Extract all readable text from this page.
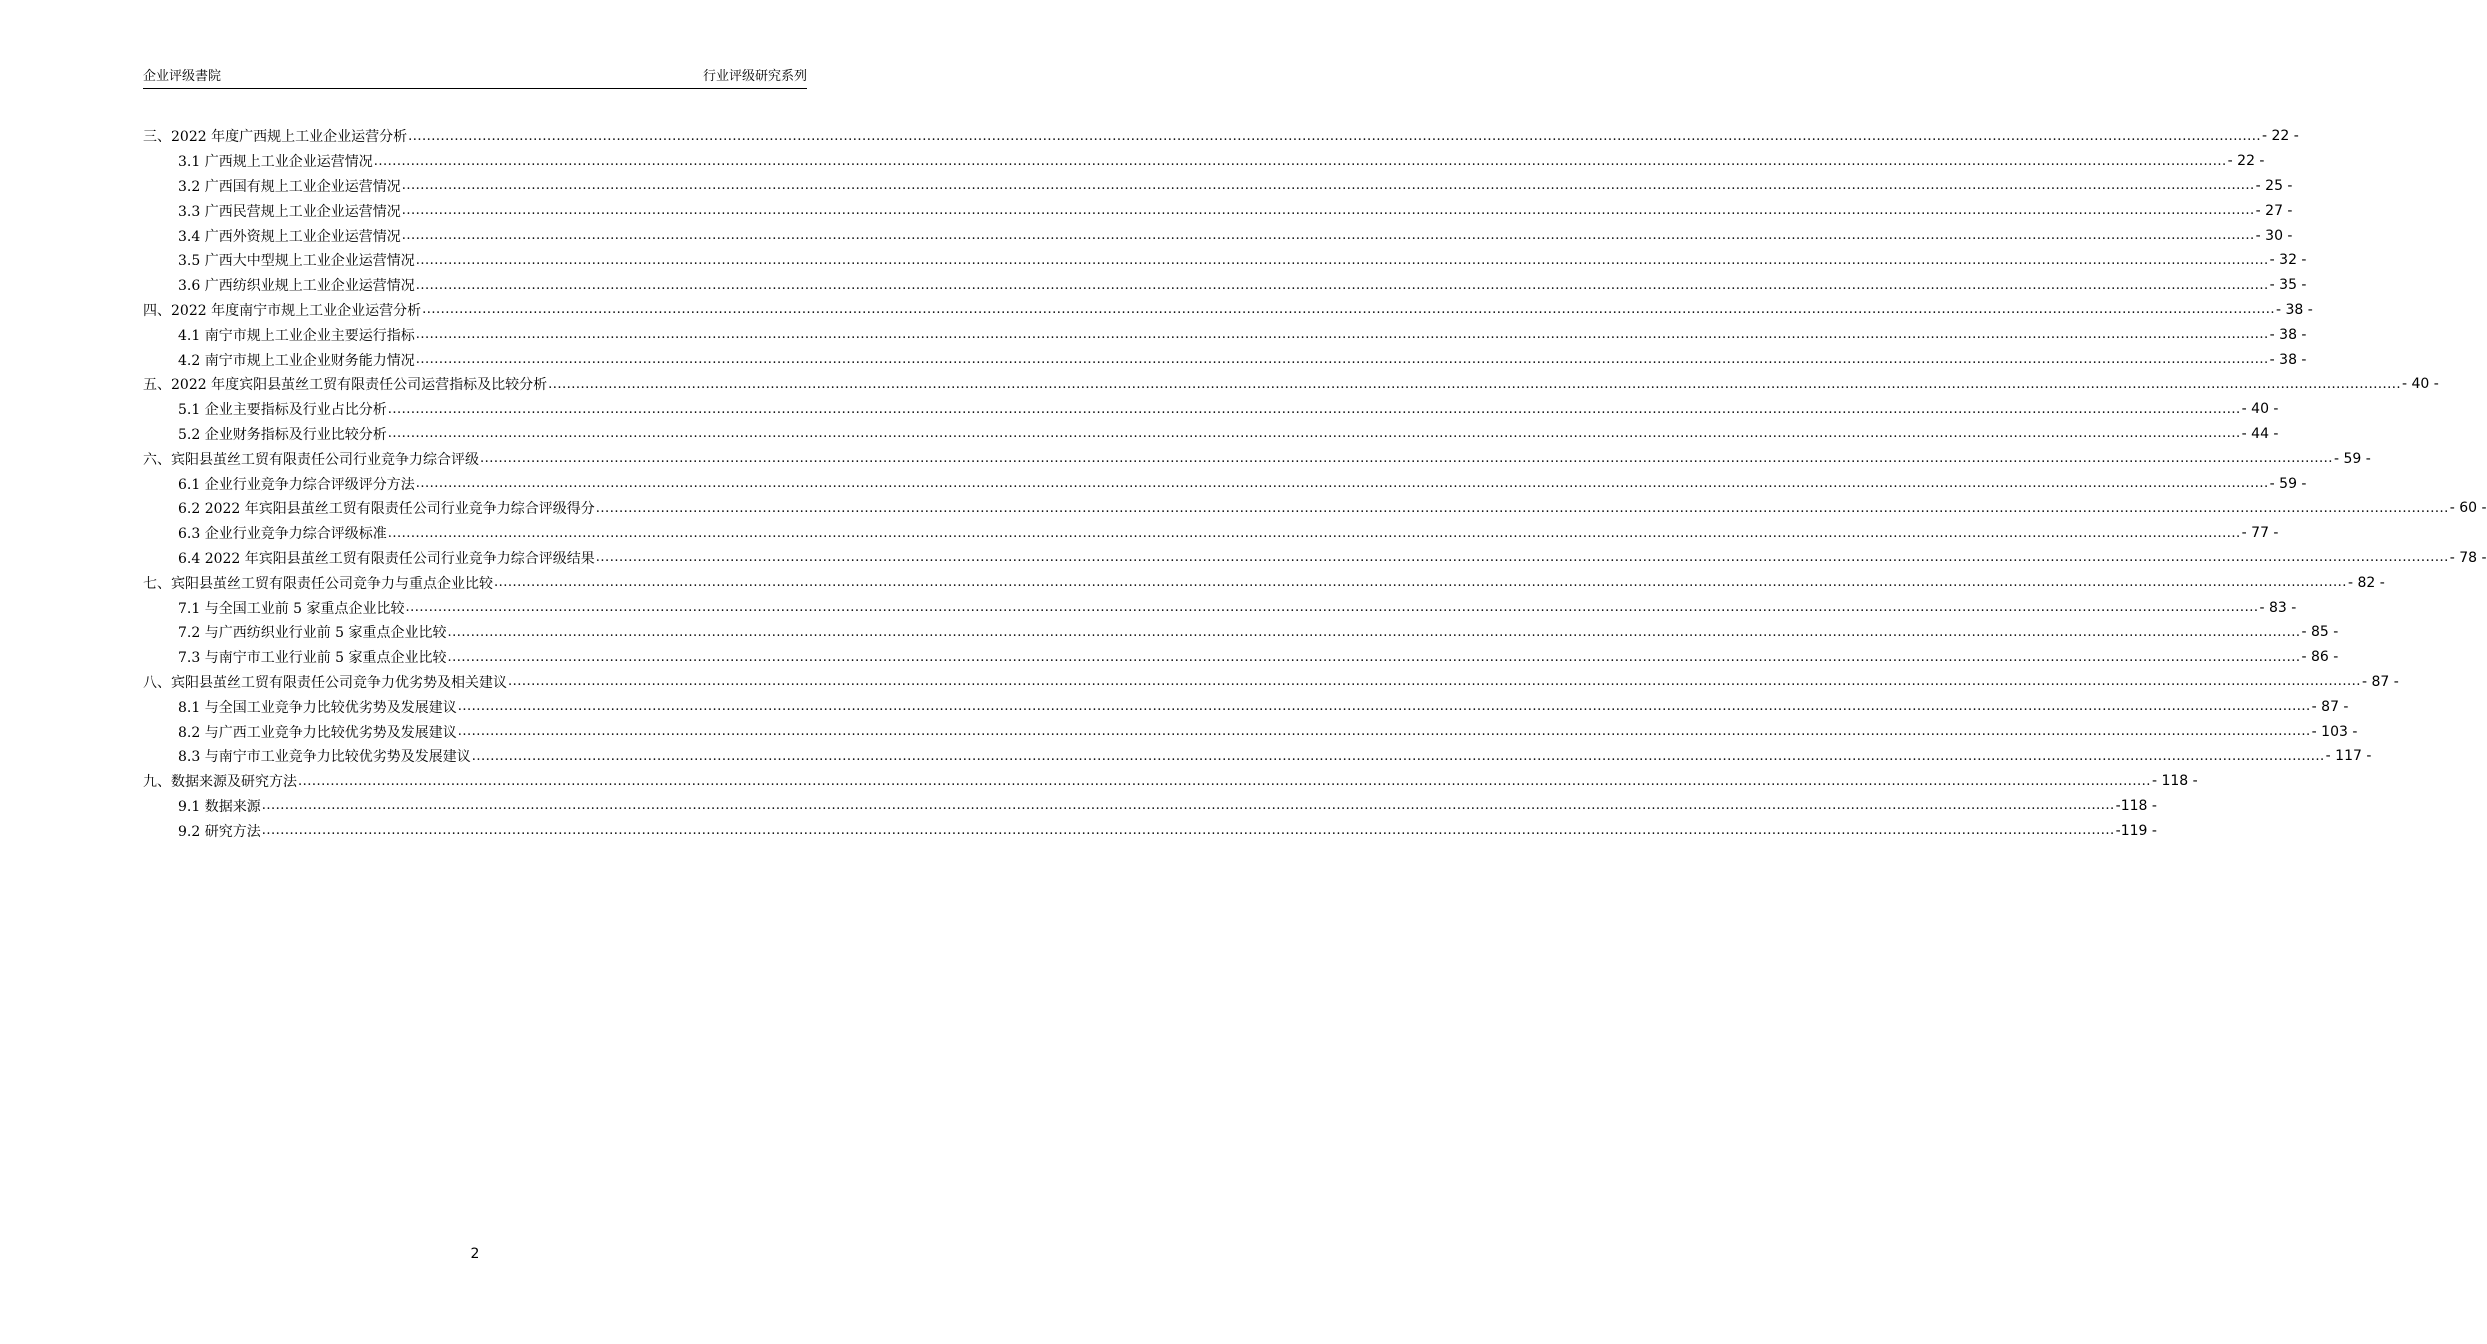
企业评级書院	行业评级研究系列
三、2022 年度广西规上工业企业运营分析 ................................................................................................................................................................................................................................................................................................................................................................................................................ - 22 -
3.1 广西规上工业企业运营情况 ................................................................................................................................................................................................................................................................................................................................................................................................................ - 22 -
3.2 广西国有规上工业企业运营情况 ................................................................................................................................................................................................................................................................................................................................................................................................................ - 25 -
3.3 广西民营规上工业企业运营情况 ................................................................................................................................................................................................................................................................................................................................................................................................................ - 27 -
3.4 广西外资规上工业企业运营情况 ................................................................................................................................................................................................................................................................................................................................................................................................................ - 30 -
3.5 广西大中型规上工业企业运营情况 ................................................................................................................................................................................................................................................................................................................................................................................................................ - 32 -
3.6 广西纺织业规上工业企业运营情况 ................................................................................................................................................................................................................................................................................................................................................................................................................ - 35 -
四、2022 年度南宁市规上工业企业运营分析 ................................................................................................................................................................................................................................................................................................................................................................................................................ - 38 -
4.1 南宁市规上工业企业主要运行指标 ................................................................................................................................................................................................................................................................................................................................................................................................................ - 38 -
4.2 南宁市规上工业企业财务能力情况 ................................................................................................................................................................................................................................................................................................................................................................................................................ - 38 -
五、2022 年度宾阳县茧丝工贸有限责任公司运营指标及比较分析 ................................................................................................................................................................................................................................................................................................................................................................................................................ - 40 -
5.1 企业主要指标及行业占比分析 ................................................................................................................................................................................................................................................................................................................................................................................................................ - 40 -
5.2 企业财务指标及行业比较分析 ................................................................................................................................................................................................................................................................................................................................................................................................................ - 44 -
六、宾阳县茧丝工贸有限责任公司行业竞争力综合评级 ................................................................................................................................................................................................................................................................................................................................................................................................................ - 59 -
6.1 企业行业竞争力综合评级评分方法 ................................................................................................................................................................................................................................................................................................................................................................................................................ - 59 -
6.2 2022 年宾阳县茧丝工贸有限责任公司行业竞争力综合评级得分 ................................................................................................................................................................................................................................................................................................................................................................................................................ - 60 -
6.3 企业行业竞争力综合评级标准 ................................................................................................................................................................................................................................................................................................................................................................................................................ - 77 -
6.4 2022 年宾阳县茧丝工贸有限责任公司行业竞争力综合评级结果 ................................................................................................................................................................................................................................................................................................................................................................................................................ - 78 -
七、宾阳县茧丝工贸有限责任公司竞争力与重点企业比较 ................................................................................................................................................................................................................................................................................................................................................................................................................ - 82 -
7.1 与全国工业前 5 家重点企业比较 ................................................................................................................................................................................................................................................................................................................................................................................................................ - 83 -
7.2 与广西纺织业行业前 5 家重点企业比较 ................................................................................................................................................................................................................................................................................................................................................................................................................ - 85 -
7.3 与南宁市工业行业前 5 家重点企业比较 ................................................................................................................................................................................................................................................................................................................................................................................................................ - 86 -
八、宾阳县茧丝工贸有限责任公司竞争力优劣势及相关建议 ................................................................................................................................................................................................................................................................................................................................................................................................................ - 87 -
8.1 与全国工业竞争力比较优劣势及发展建议 ................................................................................................................................................................................................................................................................................................................................................................................................................ - 87 -
8.2 与广西工业竞争力比较优劣势及发展建议 ................................................................................................................................................................................................................................................................................................................................................................................................................ - 103 -
8.3 与南宁市工业竞争力比较优劣势及发展建议 ................................................................................................................................................................................................................................................................................................................................................................................................................ - 117 -
九、数据来源及研究方法 ................................................................................................................................................................................................................................................................................................................................................................................................................ - 118 -
9.1 数据来源 ................................................................................................................................................................................................................................................................................................................................................................................................................ -118 -
9.2 研究方法 ................................................................................................................................................................................................................................................................................................................................................................................................................ -119 -
2
